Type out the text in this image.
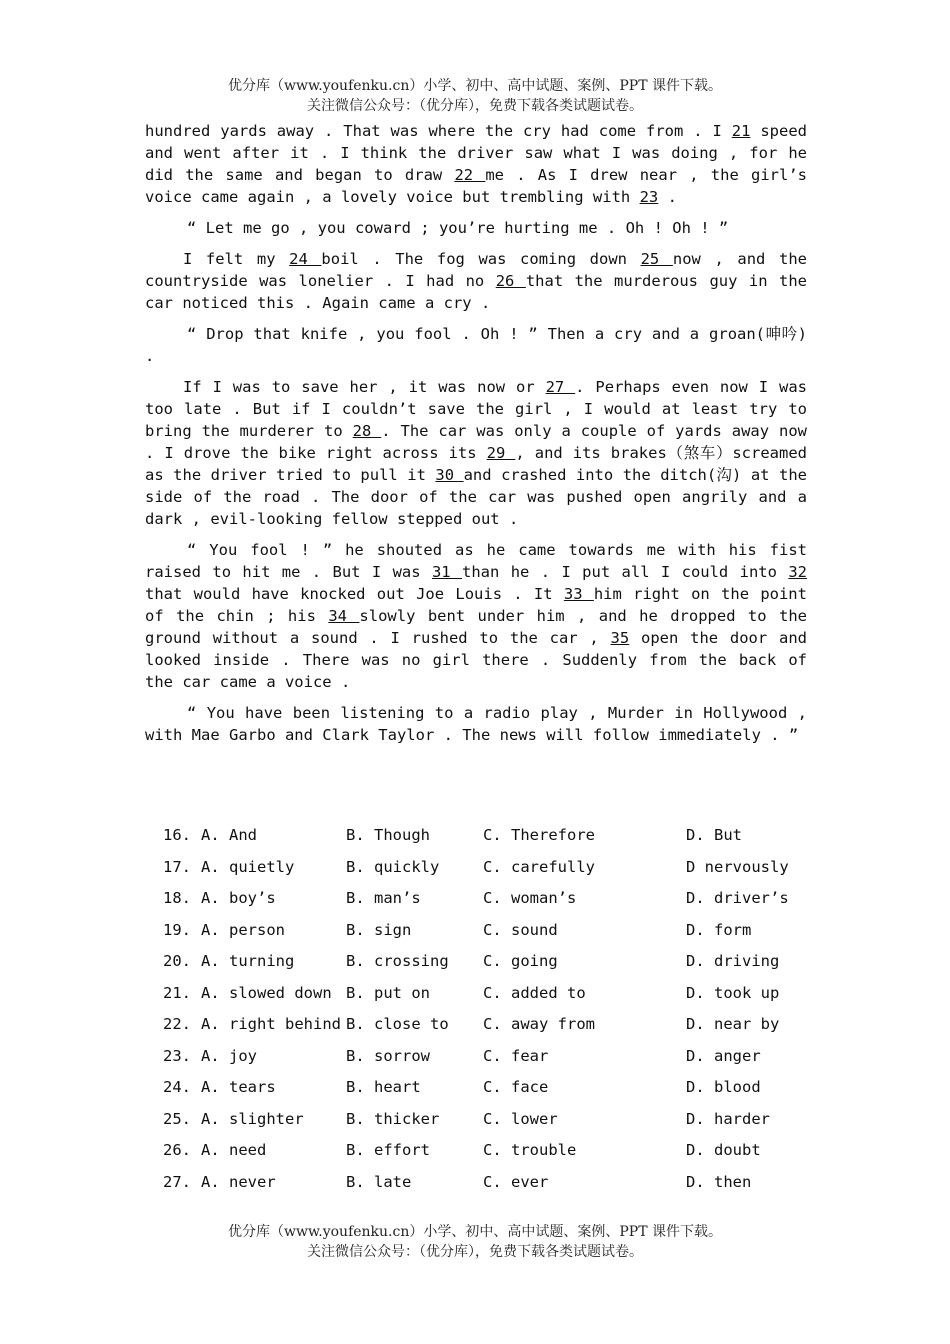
优分库（www.youfenku.cn）小学、初中、高中试题、案例、PPT 课件下载。
关注微信公众号：（优分库），免费下载各类试题试卷。

hundred yards away . That was where the cry had come from . I 21 speed and went after it . I think the driver saw what I was doing , for he did the same and began to draw 22 me . As I drew near , the girl’s voice came again , a lovely voice but trembling with 23 .

“ Let me go , you coward ; you’re hurting me . Oh ! Oh ! ”

I felt my 24 boil . The fog was coming down 25 now , and the countryside was lonelier . I had no 26 that the murderous guy in the car noticed this . Again came a cry .

“ Drop that knife , you fool . Oh ! ” Then a cry and a groan(呻吟) .

If I was to save her , it was now or 27 . Perhaps even now I was too late . But if I couldn’t save the girl , I would at least try to bring the murderer to 28 . The car was only a couple of yards away now . I drove the bike right across its 29 , and its brakes（煞车）screamed as the driver tried to pull it 30 and crashed into the ditch(沟) at the side of the road . The door of the car was pushed open angrily and a dark , evil-looking fellow stepped out .

“ You fool ! ” he shouted as he came towards me with his fist raised to hit me . But I was 31 than he . I put all I could into 32 that would have knocked out Joe Louis . It 33 him right on the point of the chin ; his 34 slowly bent under him , and he dropped to the ground without a sound . I rushed to the car , 35 open the door and looked inside . There was no girl there . Suddenly from the back of the car came a voice .

“ You have been listening to a radio play , Murder in Hollywood , with Mae Garbo and Clark Taylor . The news will follow immediately . ”

16. A. And	B. Though	C. Therefore	D. But
17. A. quietly	B. quickly	C. carefully	D nervously
18. A. boy’s	B. man’s	C. woman’s	D. driver’s
19. A. person	B. sign	C. sound	D. form
20. A. turning	B. crossing C. going	D. driving
21. A. slowed down B. put on	C. added to	D. took up
22. A. right behind B. close to C. away from	D. near by
23. A. joy	B. sorrow	C. fear	D. anger
24. A. tears	B. heart	C. face	D. blood
25. A. slighter	B. thicker	C. lower	D. harder
26. A. need	B. effort	C. trouble	D. doubt
27. A. never	B. late	C. ever	D. then
优分库（www.youfenku.cn）小学、初中、高中试题、案例、PPT 课件下载。
关注微信公众号：（优分库），免费下载各类试题试卷。
